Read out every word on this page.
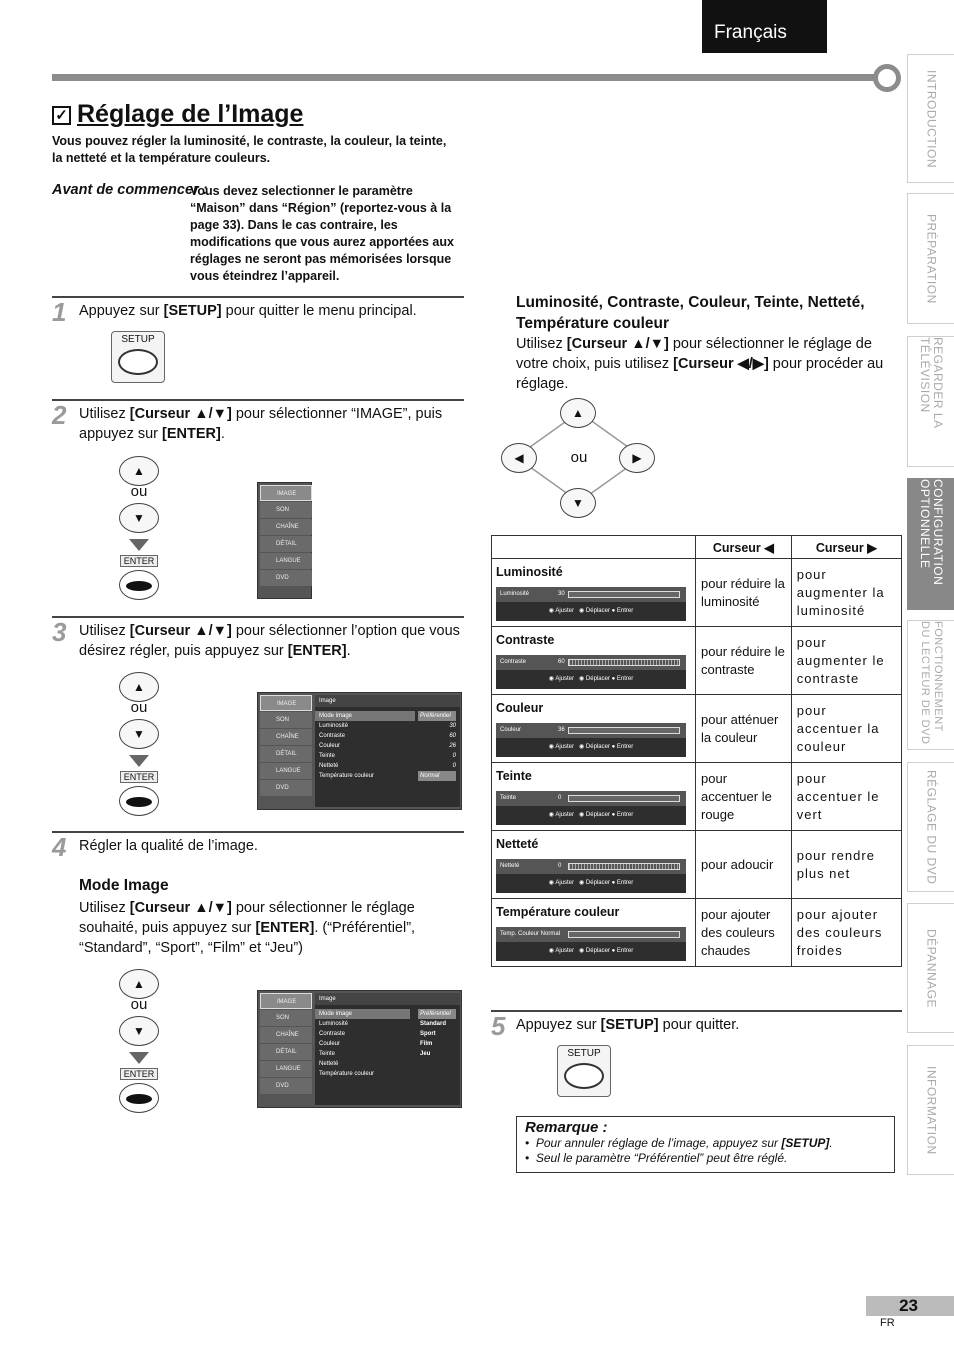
Français
INTRODUCTION
PRÉPARATION
REGARDER LA TÉLÉVISION
CONFIGURATION OPTIONNELLE
FONCTIONNEMENT DU LECTEUR DE DVD
RÉGLAGE DU DVD
DÉPANNAGE
INFORMATION
✓ Réglage de l’Image
Vous pouvez régler la luminosité, le contraste, la couleur, la teinte, la netteté et la température couleurs.
Avant de commencer :
Vous devez selectionner le paramètre “Maison” dans “Région” (reportez-vous à la page 33). Dans le cas contraire, les modifications que vous aurez apportées aux réglages ne seront pas mémorisées lorsque vous éteindrez l’appareil.
1 Appuyez sur [SETUP] pour quitter le menu principal.
SETUP
2 Utilisez [Curseur ▲/▼] pour sélectionner “IMAGE”, puis appuyez sur [ENTER].
▲
ou
▼
ENTER
IMAGE
SON
CHAÎNE
DÉTAIL
LANGUE
DVD
3 Utilisez [Curseur ▲/▼] pour sélectionner l’option que vous désirez régler, puis appuyez sur [ENTER].
▲
ou
▼
ENTER
IMAGE
SON
CHAÎNE
DÉTAIL
LANGUE
DVD
Image
Préférentiel
30
60
26
0
0
Normal
Mode image
Luminosité
Contraste
Couleur
Teinte
Netteté
Température couleur
4 Régler la qualité de l’image.
Mode Image
Utilisez [Curseur ▲/▼] pour sélectionner le réglage souhaité, puis appuyez sur [ENTER]. (“Préférentiel”, “Standard”, “Sport”, “Film” et “Jeu”)
▲
ou
▼
ENTER
IMAGE
SON
CHAÎNE
DÉTAIL
LANGUE
DVD
Image
Préférentiel
Standard
Sport
Film
Jeu
Mode image
Luminosité
Contraste
Couleur
Teinte
Netteté
Température couleur
Luminosité, Contraste, Couleur, Teinte, Netteté, Température couleur
Utilisez [Curseur ▲/▼] pour sélectionner le réglage de votre choix, puis utilisez [Curseur ◀/▶] pour procéder au réglage.
▲
▼
◀	▶
ou
	Curseur ◀	Curseur ▶

Luminosité
Luminosité 30
◉ Ajuster   ◉ Déplacer ● Entrer	pour réduire la luminosité	pour augmenter la luminosité

Contraste
Contraste 60
◉ Ajuster   ◉ Déplacer ● Entrer	pour réduire le contraste	pour augmenter le contraste

Couleur
Couleur 36
◉ Ajuster   ◉ Déplacer ● Entrer	pour atténuer la couleur	pour accentuer la couleur

Teinte
Teinte 0
◉ Ajuster   ◉ Déplacer ● Entrer	pour accentuer le rouge	pour accentuer le vert

Netteté
Netteté 0
◉ Ajuster   ◉ Déplacer ● Entrer	pour adoucir	pour rendre plus net

Température couleur
Temp. Couleur Normal
◉ Ajuster   ◉ Déplacer ● Entrer	pour ajouter des couleurs chaudes	pour ajouter des couleurs froides
5 Appuyez sur [SETUP] pour quitter.
SETUP
Remarque :
•  Pour annuler réglage de l’image, appuyez sur [SETUP].
•  Seul le paramètre “Préférentiel” peut être réglé.
23
FR
